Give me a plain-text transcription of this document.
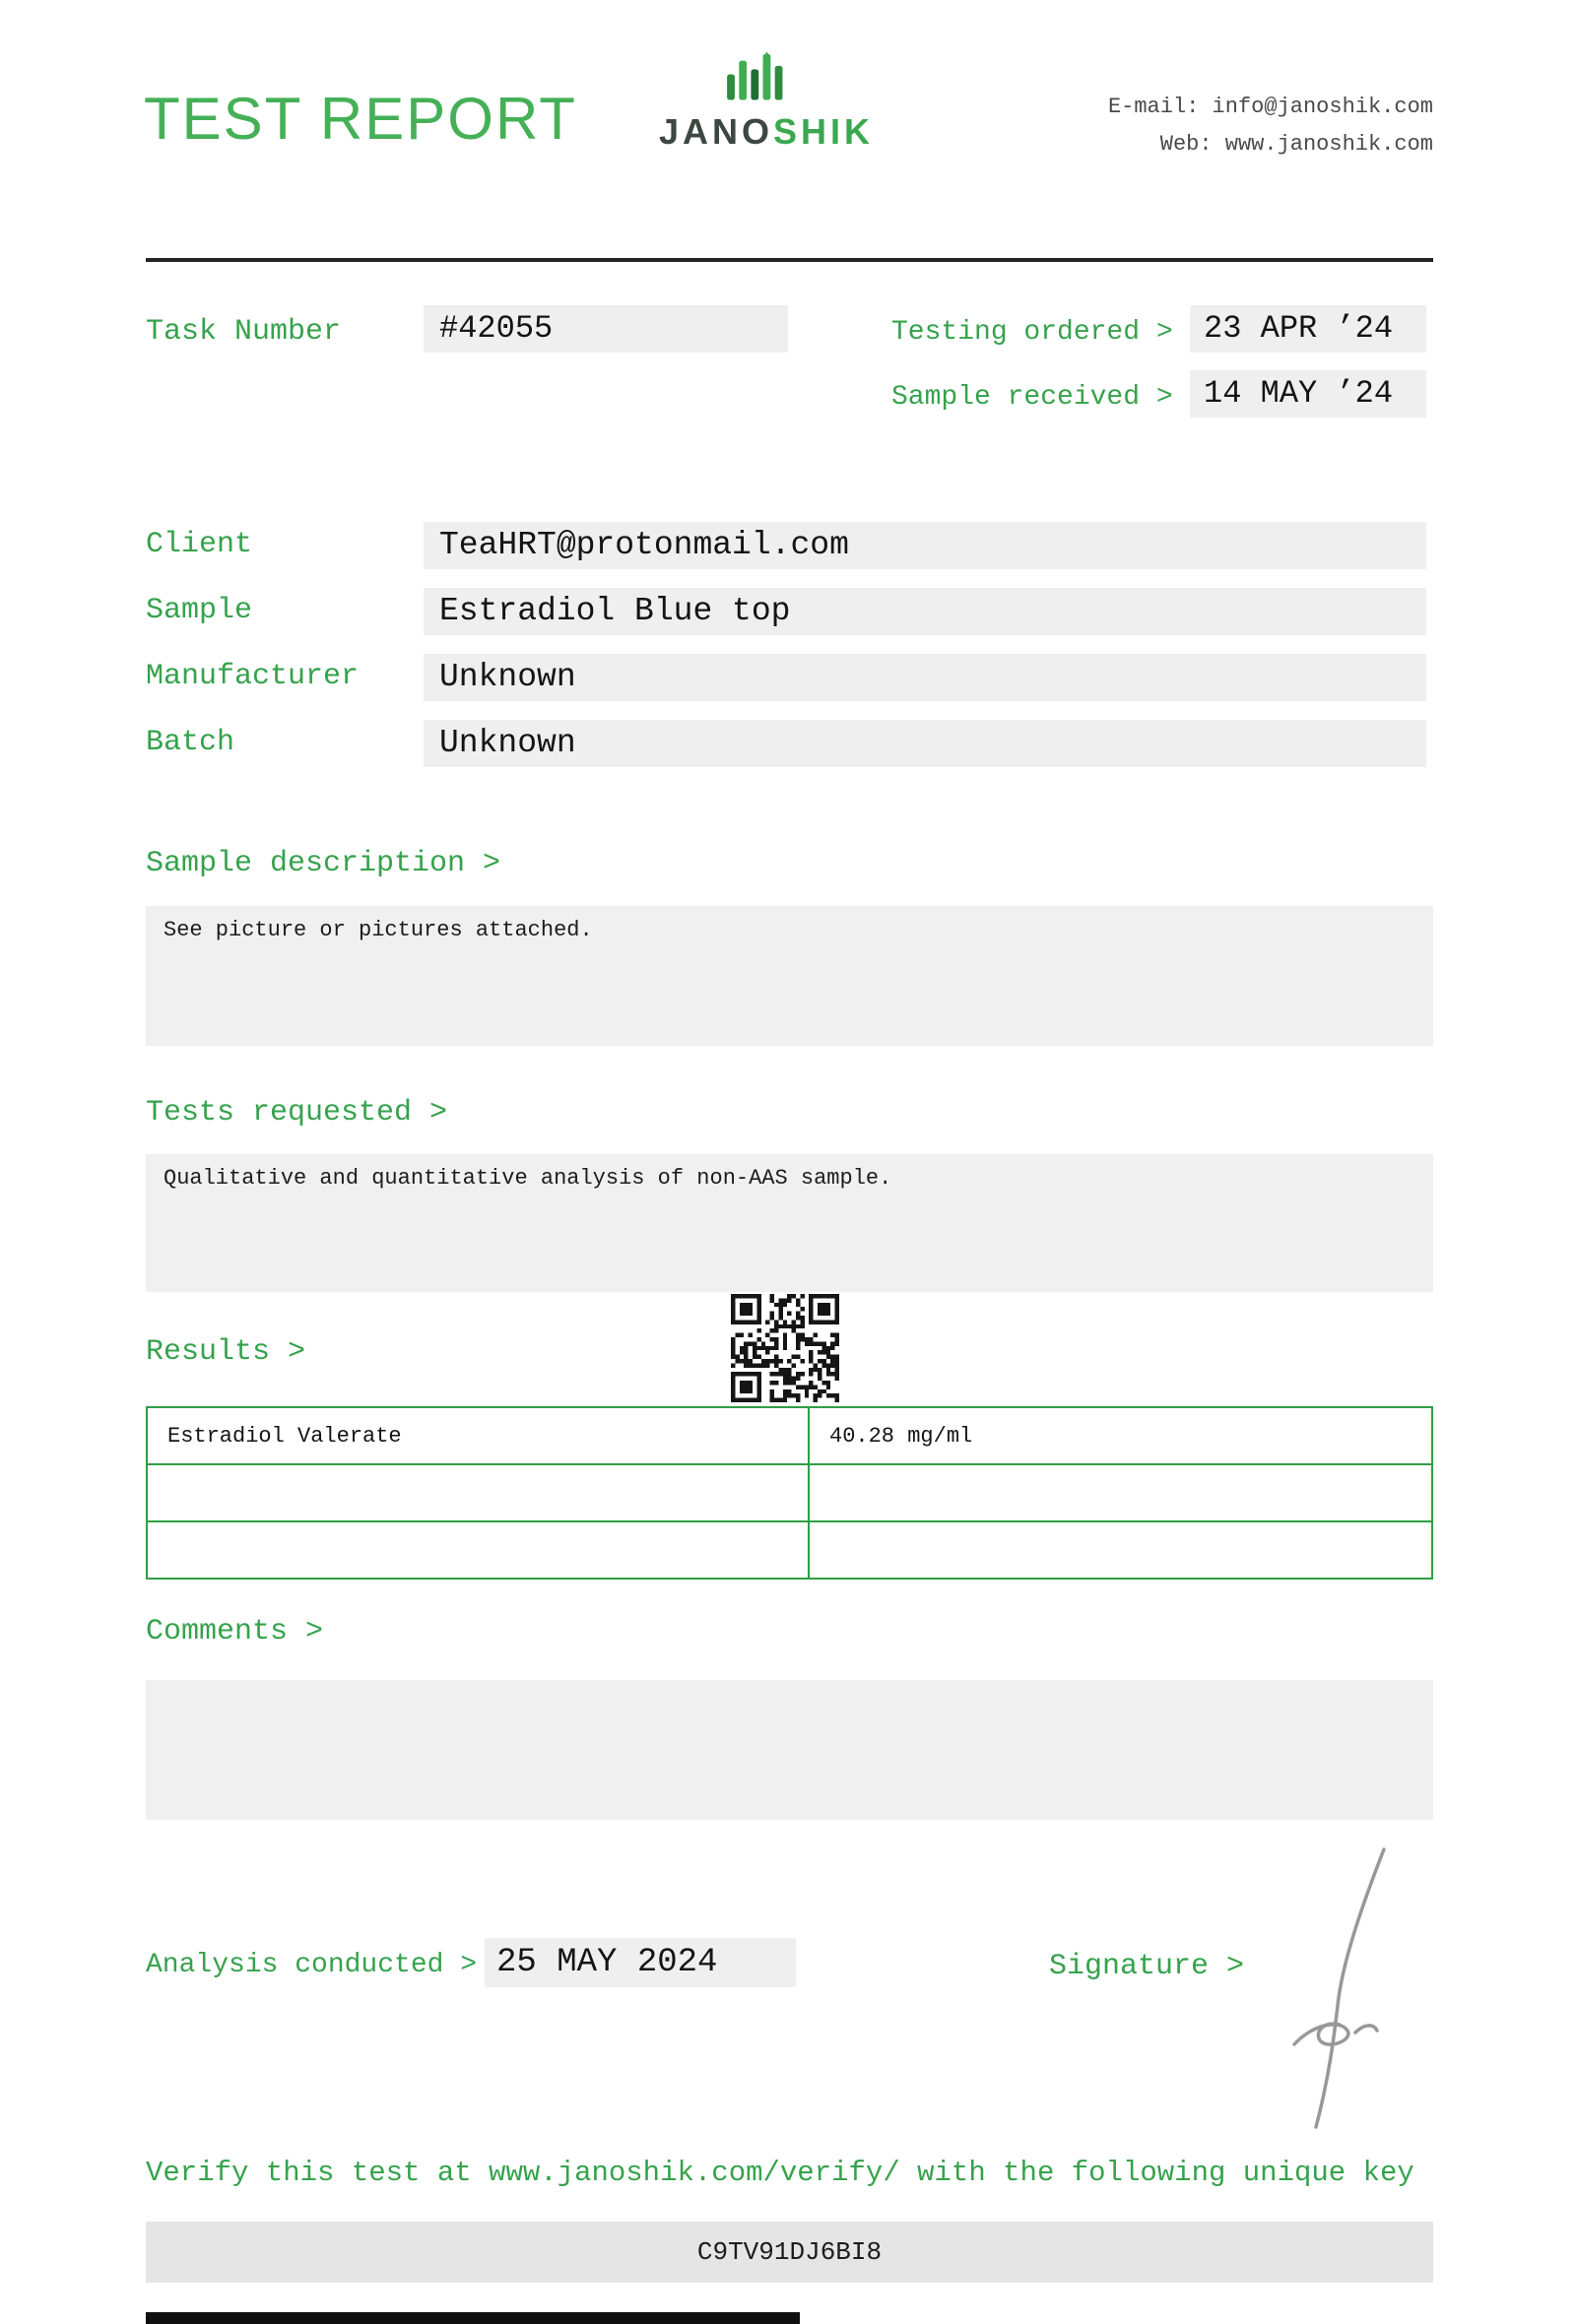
TEST REPORT	JANOSHIK
E-mail: info@janoshik.com
Web: www.janoshik.com
Task Number	#42055	Testing ordered > 23 APR ’24
Sample received > 14 MAY ’24
Client	TeaHRT@protonmail.com
Sample	Estradiol Blue top
Manufacturer	Unknown
Batch	Unknown
Sample description >
See picture or pictures attached.
Tests requested >
Qualitative and quantitative analysis of non-AAS sample.
Results >
Estradiol Valerate	40.28 mg/ml

Comments >
Analysis conducted > 25 MAY 2024	Signature >
Verify this test at www.janoshik.com/verify/ with the following unique key
C9TV91DJ6BI8
